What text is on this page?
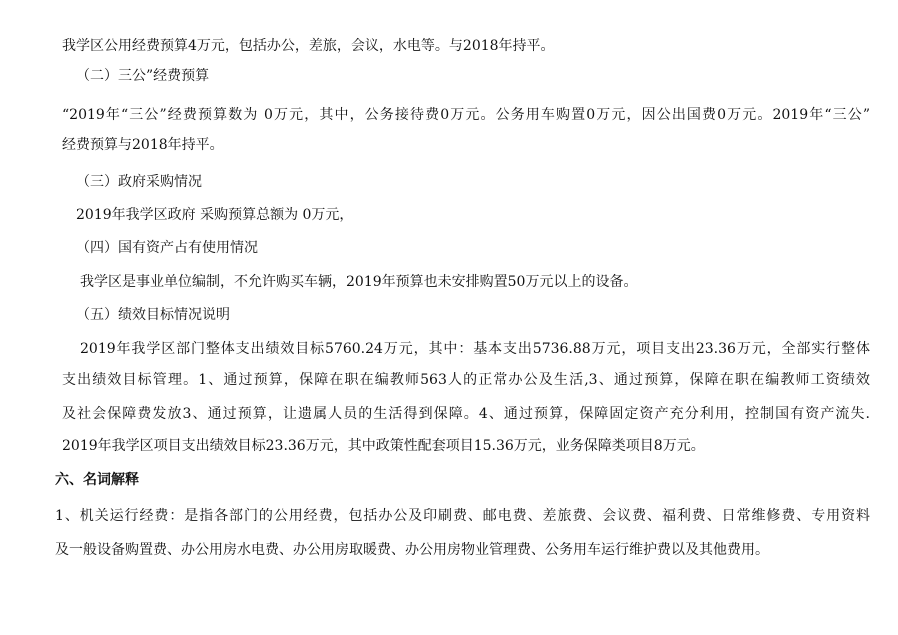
我学区公用经费预算4万元，包括办公，差旅，会议，水电等。与2018年持平。
（二）三公”经费预算
“2019年“三公”经费预算数为 0万元，其中，公务接待费0万元。公务用车购置0万元，因公出国费0万元。2019年“三公”
经费预算与2018年持平。
（三）政府采购情况
2019年我学区政府 采购预算总额为 0万元，
（四）国有资产占有使用情况
我学区是事业单位编制，不允许购买车辆，2019年预算也未安排购置50万元以上的设备。
（五）绩效目标情况说明
2019年我学区部门整体支出绩效目标5760.24万元，其中：基本支出5736.88万元，项目支出23.36万元，全部实行整体
支出绩效目标管理。1、通过预算，保障在职在编教师563人的正常办公及生活,3、通过预算，保障在职在编教师工资绩效
及社会保障费发放3、通过预算，让遗属人员的生活得到保障。4、通过预算，保障固定资产充分利用，控制国有资产流失.
2019年我学区项目支出绩效目标23.36万元，其中政策性配套项目15.36万元，业务保障类项目8万元。
六、名词解释
1、机关运行经费：是指各部门的公用经费，包括办公及印刷费、邮电费、差旅费、会议费、福利费、日常维修费、专用资料
及一般设备购置费、办公用房水电费、办公用房取暖费、办公用房物业管理费、公务用车运行维护费以及其他费用。
